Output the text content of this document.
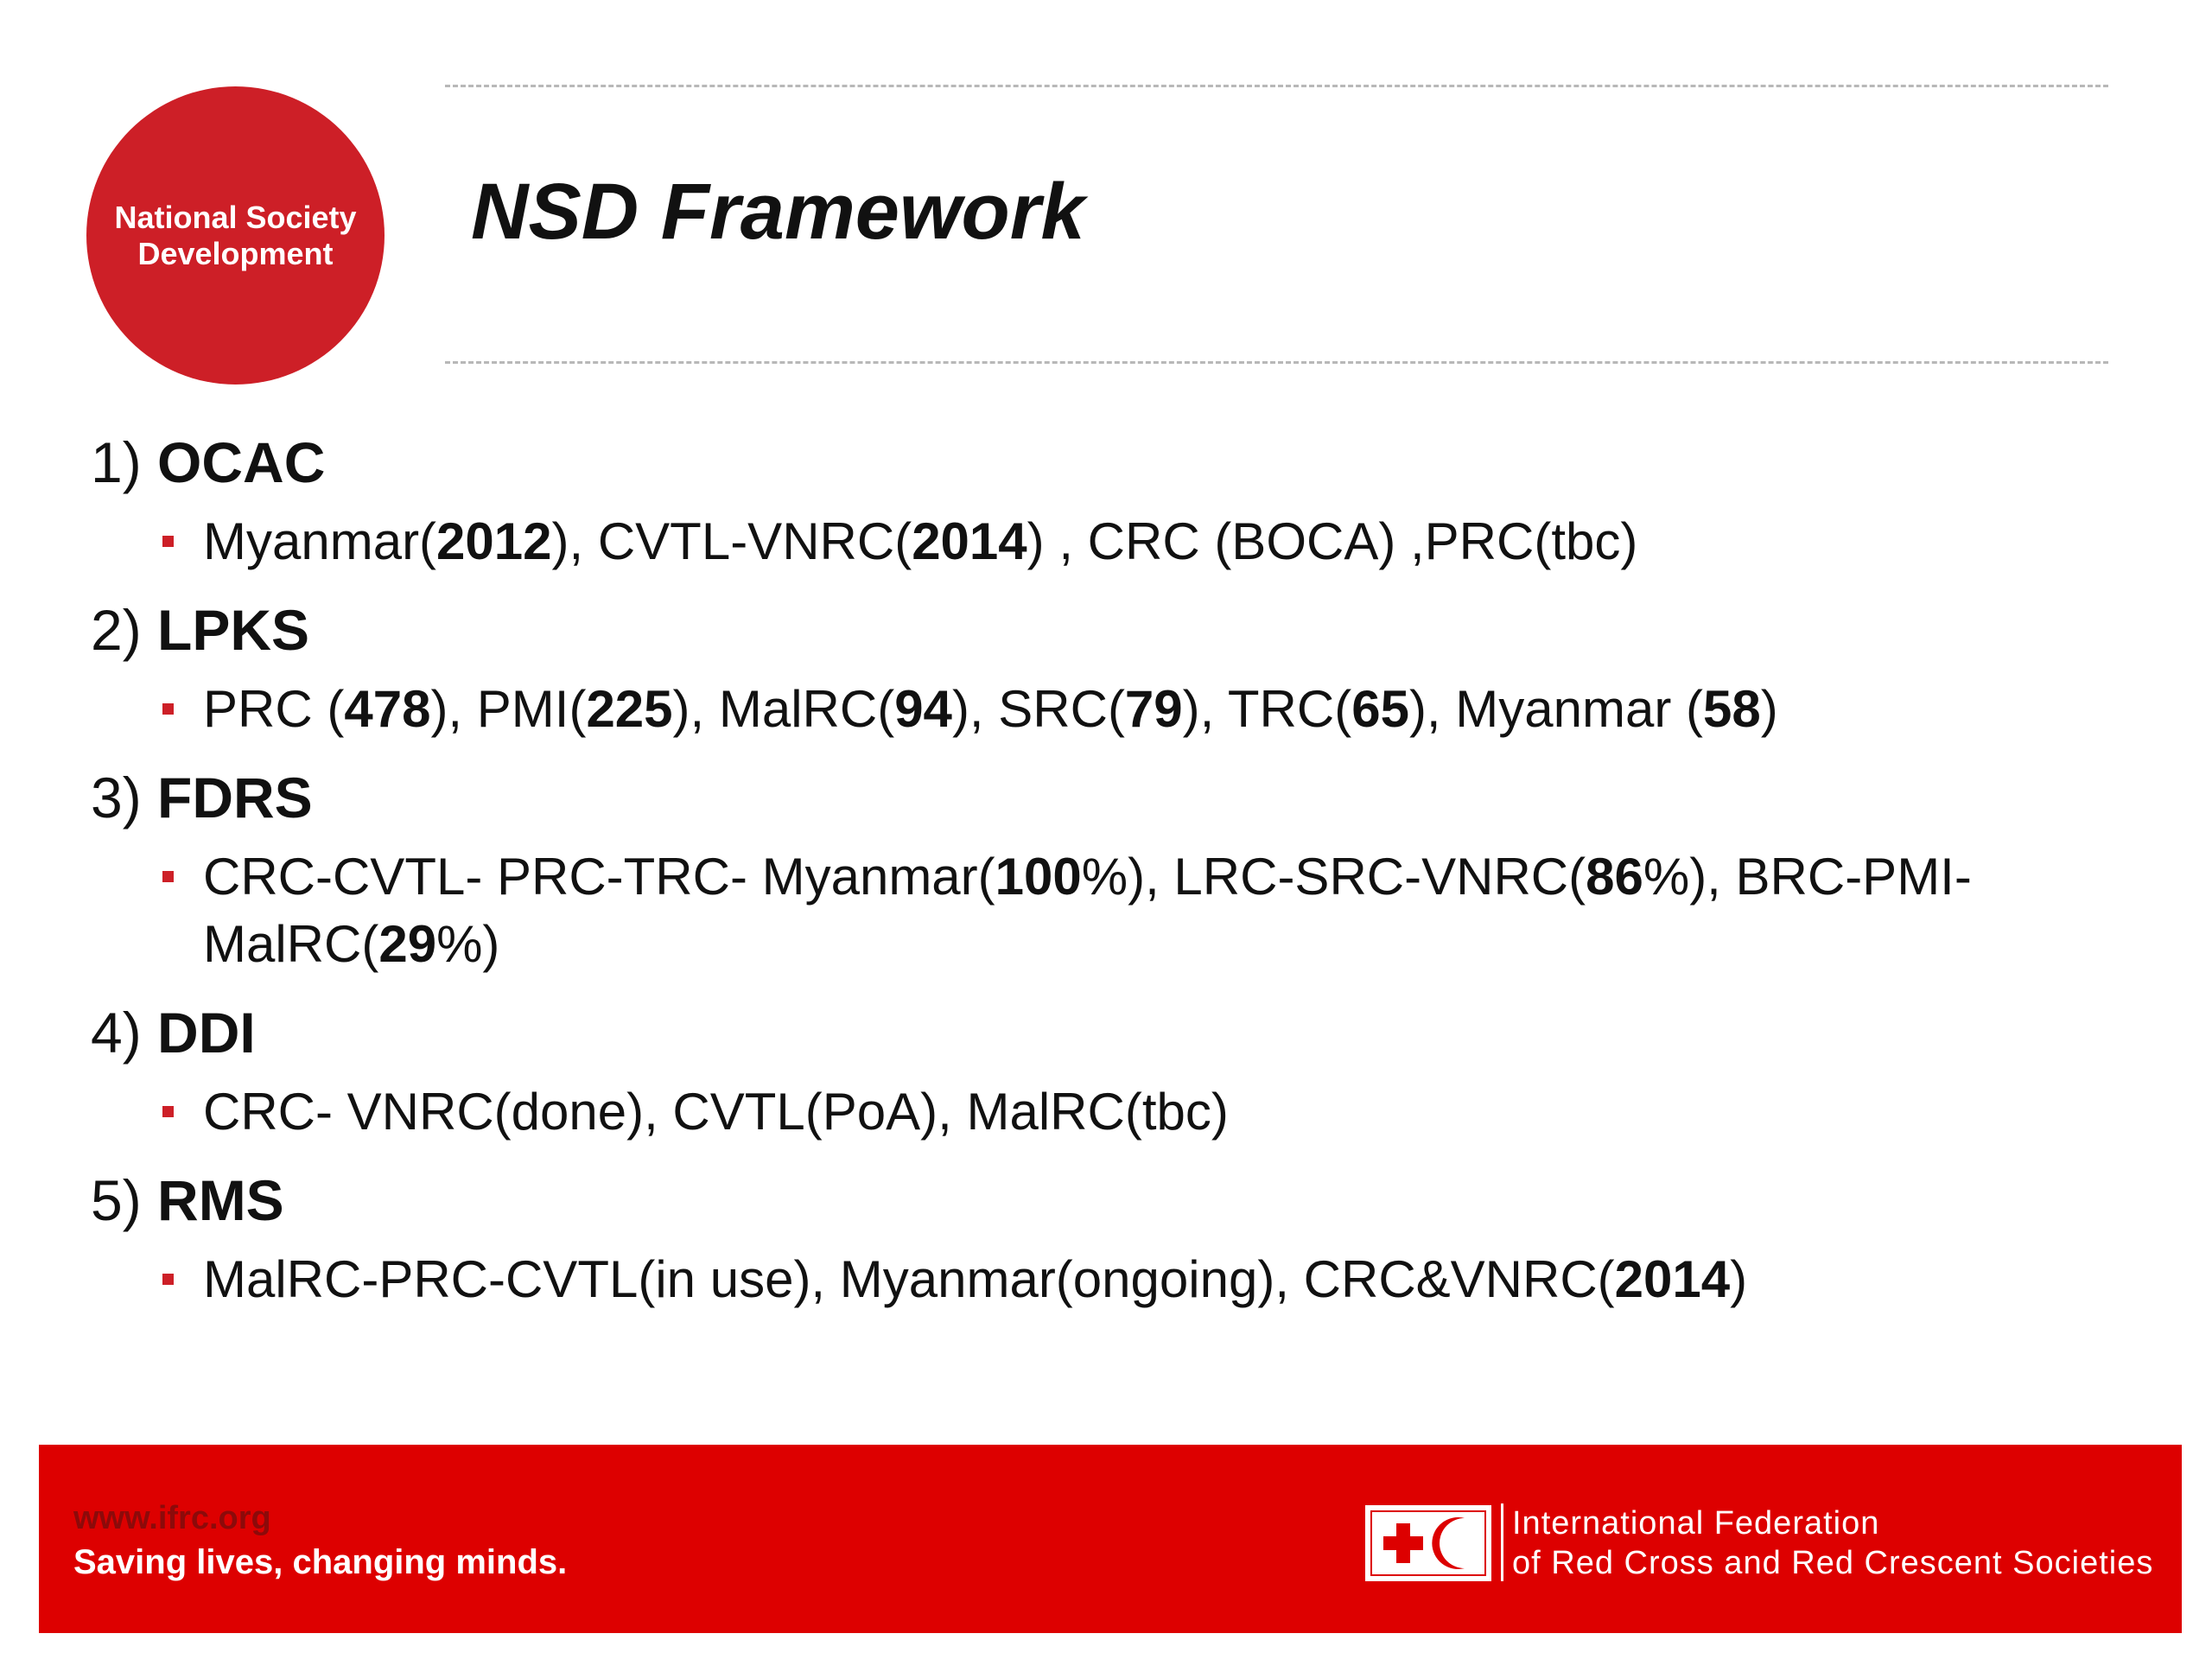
National Society
Development	NSD Framework
1) OCAC
Myanmar(2012), CVTL-VNRC(2014) , CRC (BOCA) ,PRC(tbc)
2) LPKS
PRC (478), PMI(225), MalRC(94), SRC(79), TRC(65), Myanmar (58)
3) FDRS
CRC-CVTL- PRC-TRC- Myanmar(100%), LRC-SRC-VNRC(86%), BRC-PMI-MalRC(29%)
4) DDI
CRC- VNRC(done), CVTL(PoA), MalRC(tbc)
5) RMS
MalRC-PRC-CVTL(in use), Myanmar(ongoing), CRC&VNRC(2014)
www.ifrc.org
Saving lives, changing minds.
International Federation
of Red Cross and Red Crescent Societies
